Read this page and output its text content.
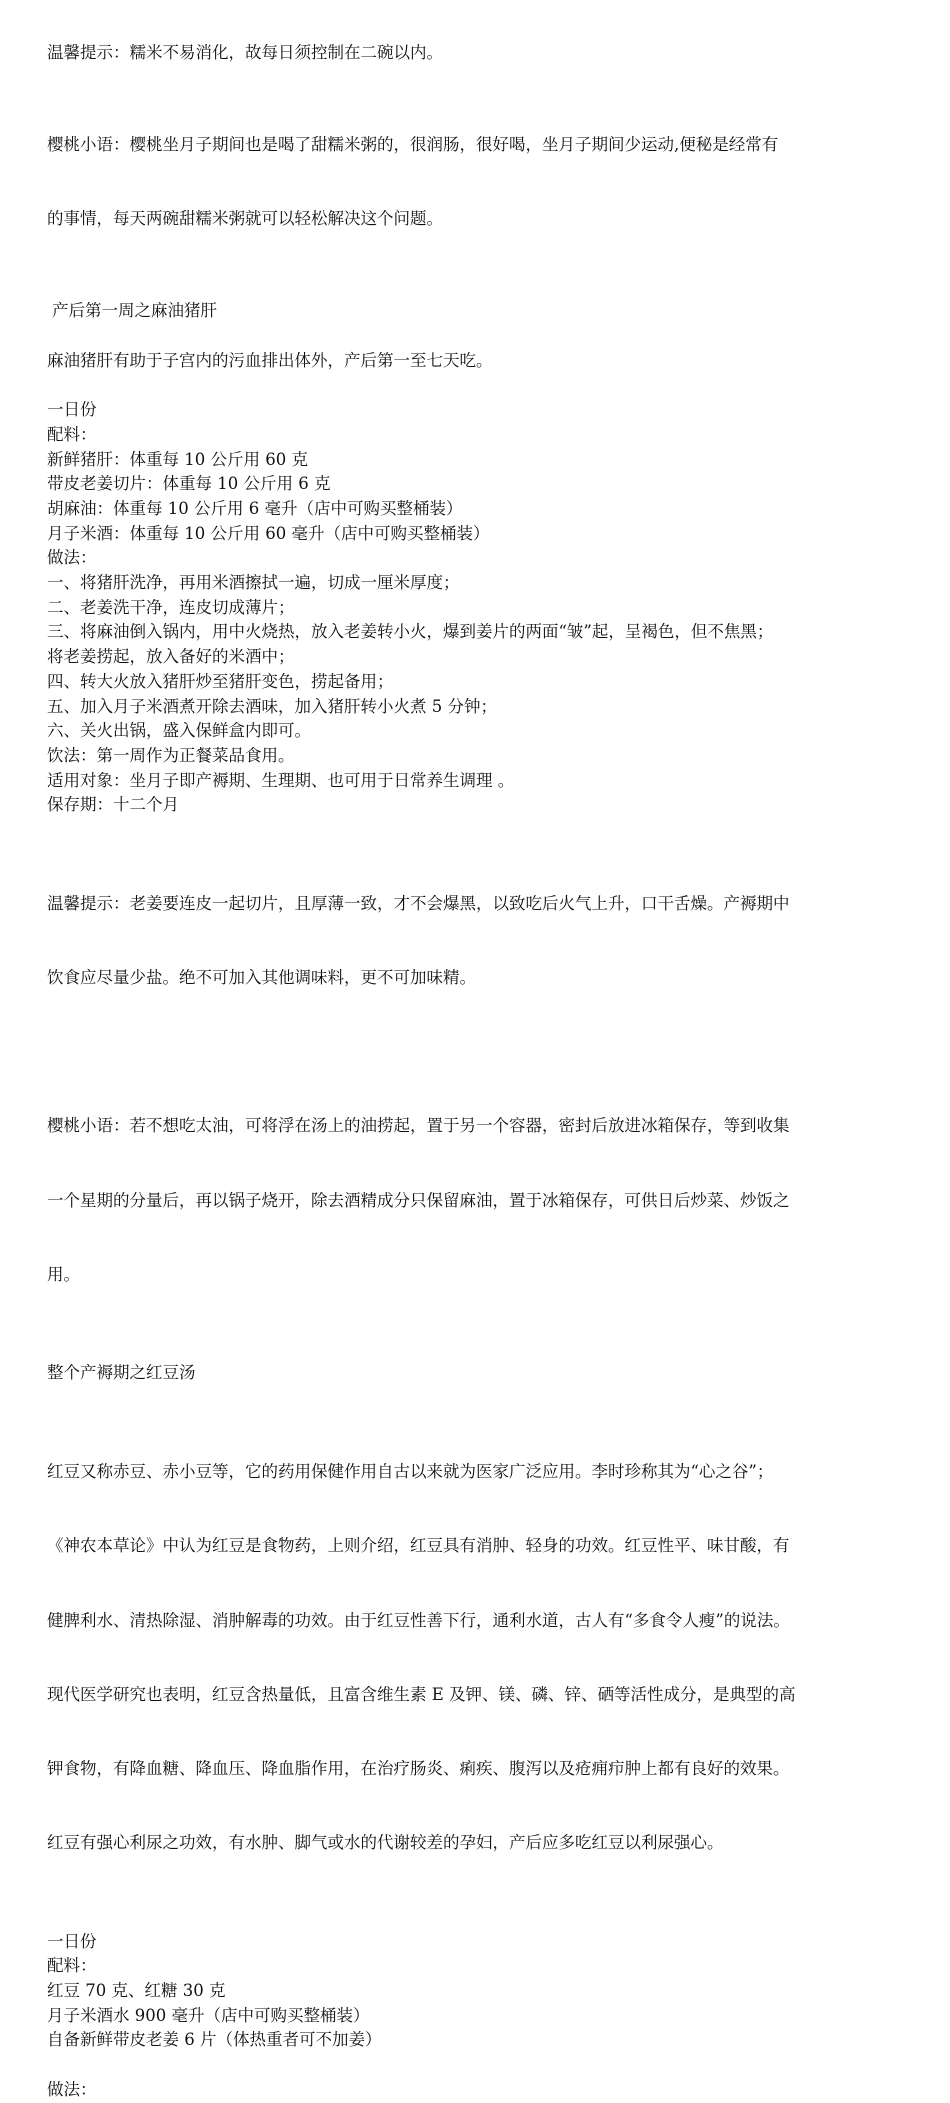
温馨提示：糯米不易消化，故每日须控制在二碗以内。

樱桃小语：樱桃坐月子期间也是喝了甜糯米粥的，很润肠，很好喝，坐月子期间少运动,便秘是经常有

的事情，每天两碗甜糯米粥就可以轻松解决这个问题。

产后第一周之麻油猪肝

麻油猪肝有助于子宫内的污血排出体外，产后第一至七天吃。

一日份
配料：
新鲜猪肝：体重每 10 公斤用 60 克
带皮老姜切片：体重每 10 公斤用 6 克
胡麻油：体重每 10 公斤用 6 毫升（店中可购买整桶装）
月子米酒：体重每 10 公斤用 60 毫升（店中可购买整桶装）
做法：
一、将猪肝洗净，再用米酒擦拭一遍，切成一厘米厚度；
二、老姜洗干净，连皮切成薄片；
三、将麻油倒入锅内，用中火烧热，放入老姜转小火，爆到姜片的两面“皱”起，呈褐色，但不焦黑；
将老姜捞起，放入备好的米酒中；
四、转大火放入猪肝炒至猪肝变色，捞起备用；
五、加入月子米酒煮开除去酒味，加入猪肝转小火煮 5 分钟；
六、关火出锅，盛入保鲜盒内即可。
饮法：第一周作为正餐菜品食用。
适用对象：坐月子即产褥期、生理期、也可用于日常养生调理 。
保存期：十二个月

温馨提示：老姜要连皮一起切片，且厚薄一致，才不会爆黑，以致吃后火气上升，口干舌燥。产褥期中

饮食应尽量少盐。绝不可加入其他调味料，更不可加味精。

樱桃小语：若不想吃太油，可将浮在汤上的油捞起，置于另一个容器，密封后放进冰箱保存，等到收集

一个星期的分量后，再以锅子烧开，除去酒精成分只保留麻油，置于冰箱保存，可供日后炒菜、炒饭之

用。

整个产褥期之红豆汤

红豆又称赤豆、赤小豆等，它的药用保健作用自古以来就为医家广泛应用。李时珍称其为“心之谷”；

《神农本草论》中认为红豆是食物药，上则介绍，红豆具有消肿、轻身的功效。红豆性平、味甘酸，有

健脾利水、清热除湿、消肿解毒的功效。由于红豆性善下行，通利水道，古人有“多食令人瘦”的说法。

现代医学研究也表明，红豆含热量低，且富含维生素 E 及钾、镁、磷、锌、硒等活性成分，是典型的高

钾食物，有降血糖、降血压、降血脂作用，在治疗肠炎、痢疾、腹泻以及疮痈疖肿上都有良好的效果。

红豆有强心利尿之功效，有水肿、脚气或水的代谢较差的孕妇，产后应多吃红豆以利尿强心。

一日份
配料：
红豆 70 克、红糖 30 克
月子米酒水 900 毫升（店中可购买整桶装）
自备新鲜带皮老姜 6 片（体热重者可不加姜）
做法：
